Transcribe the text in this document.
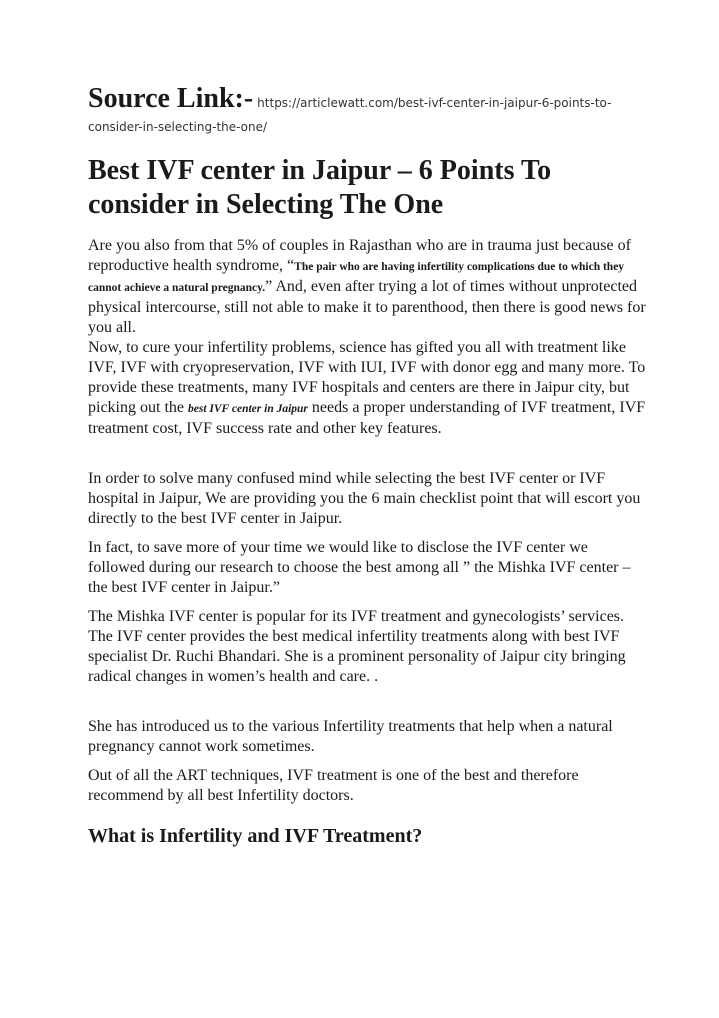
Source Link:- https://articlewatt.com/best-ivf-center-in-jaipur-6-points-to-
consider-in-selecting-the-one/
Best IVF center in Jaipur – 6 Points To consider in Selecting The One

Are you also from that 5% of couples in Rajasthan who are in trauma just because of reproductive health syndrome, “The pair who are having infertility complications due to which they cannot achieve a natural pregnancy.” And, even after trying a lot of times without unprotected physical intercourse, still not able to make it to parenthood, then there is good news for you all.

Now, to cure your infertility problems, science has gifted you all with treatment like IVF, IVF with cryopreservation, IVF with IUI, IVF with donor egg and many more. To provide these treatments, many IVF hospitals and centers are there in Jaipur city, but picking out the best IVF center in Jaipur needs a proper understanding of IVF treatment, IVF treatment cost, IVF success rate and other key features.

In order to solve many confused mind while selecting the best IVF center or IVF hospital in Jaipur, We are providing you the 6 main checklist point that will escort you directly to the best IVF center in Jaipur.

In fact, to save more of your time we would like to disclose the IVF center we followed during our research to choose the best among all ” the Mishka IVF center – the best IVF center in Jaipur.”

The Mishka IVF center is popular for its IVF treatment and gynecologists’ services. The IVF center provides the best medical infertility treatments along with best IVF specialist Dr. Ruchi Bhandari. She is a prominent personality of Jaipur city bringing radical changes in women’s health and care. .

She has introduced us to the various Infertility treatments that help when a natural pregnancy cannot work sometimes.

Out of all the ART techniques, IVF treatment is one of the best and therefore recommend by all best Infertility doctors.

What is Infertility and IVF Treatment?
